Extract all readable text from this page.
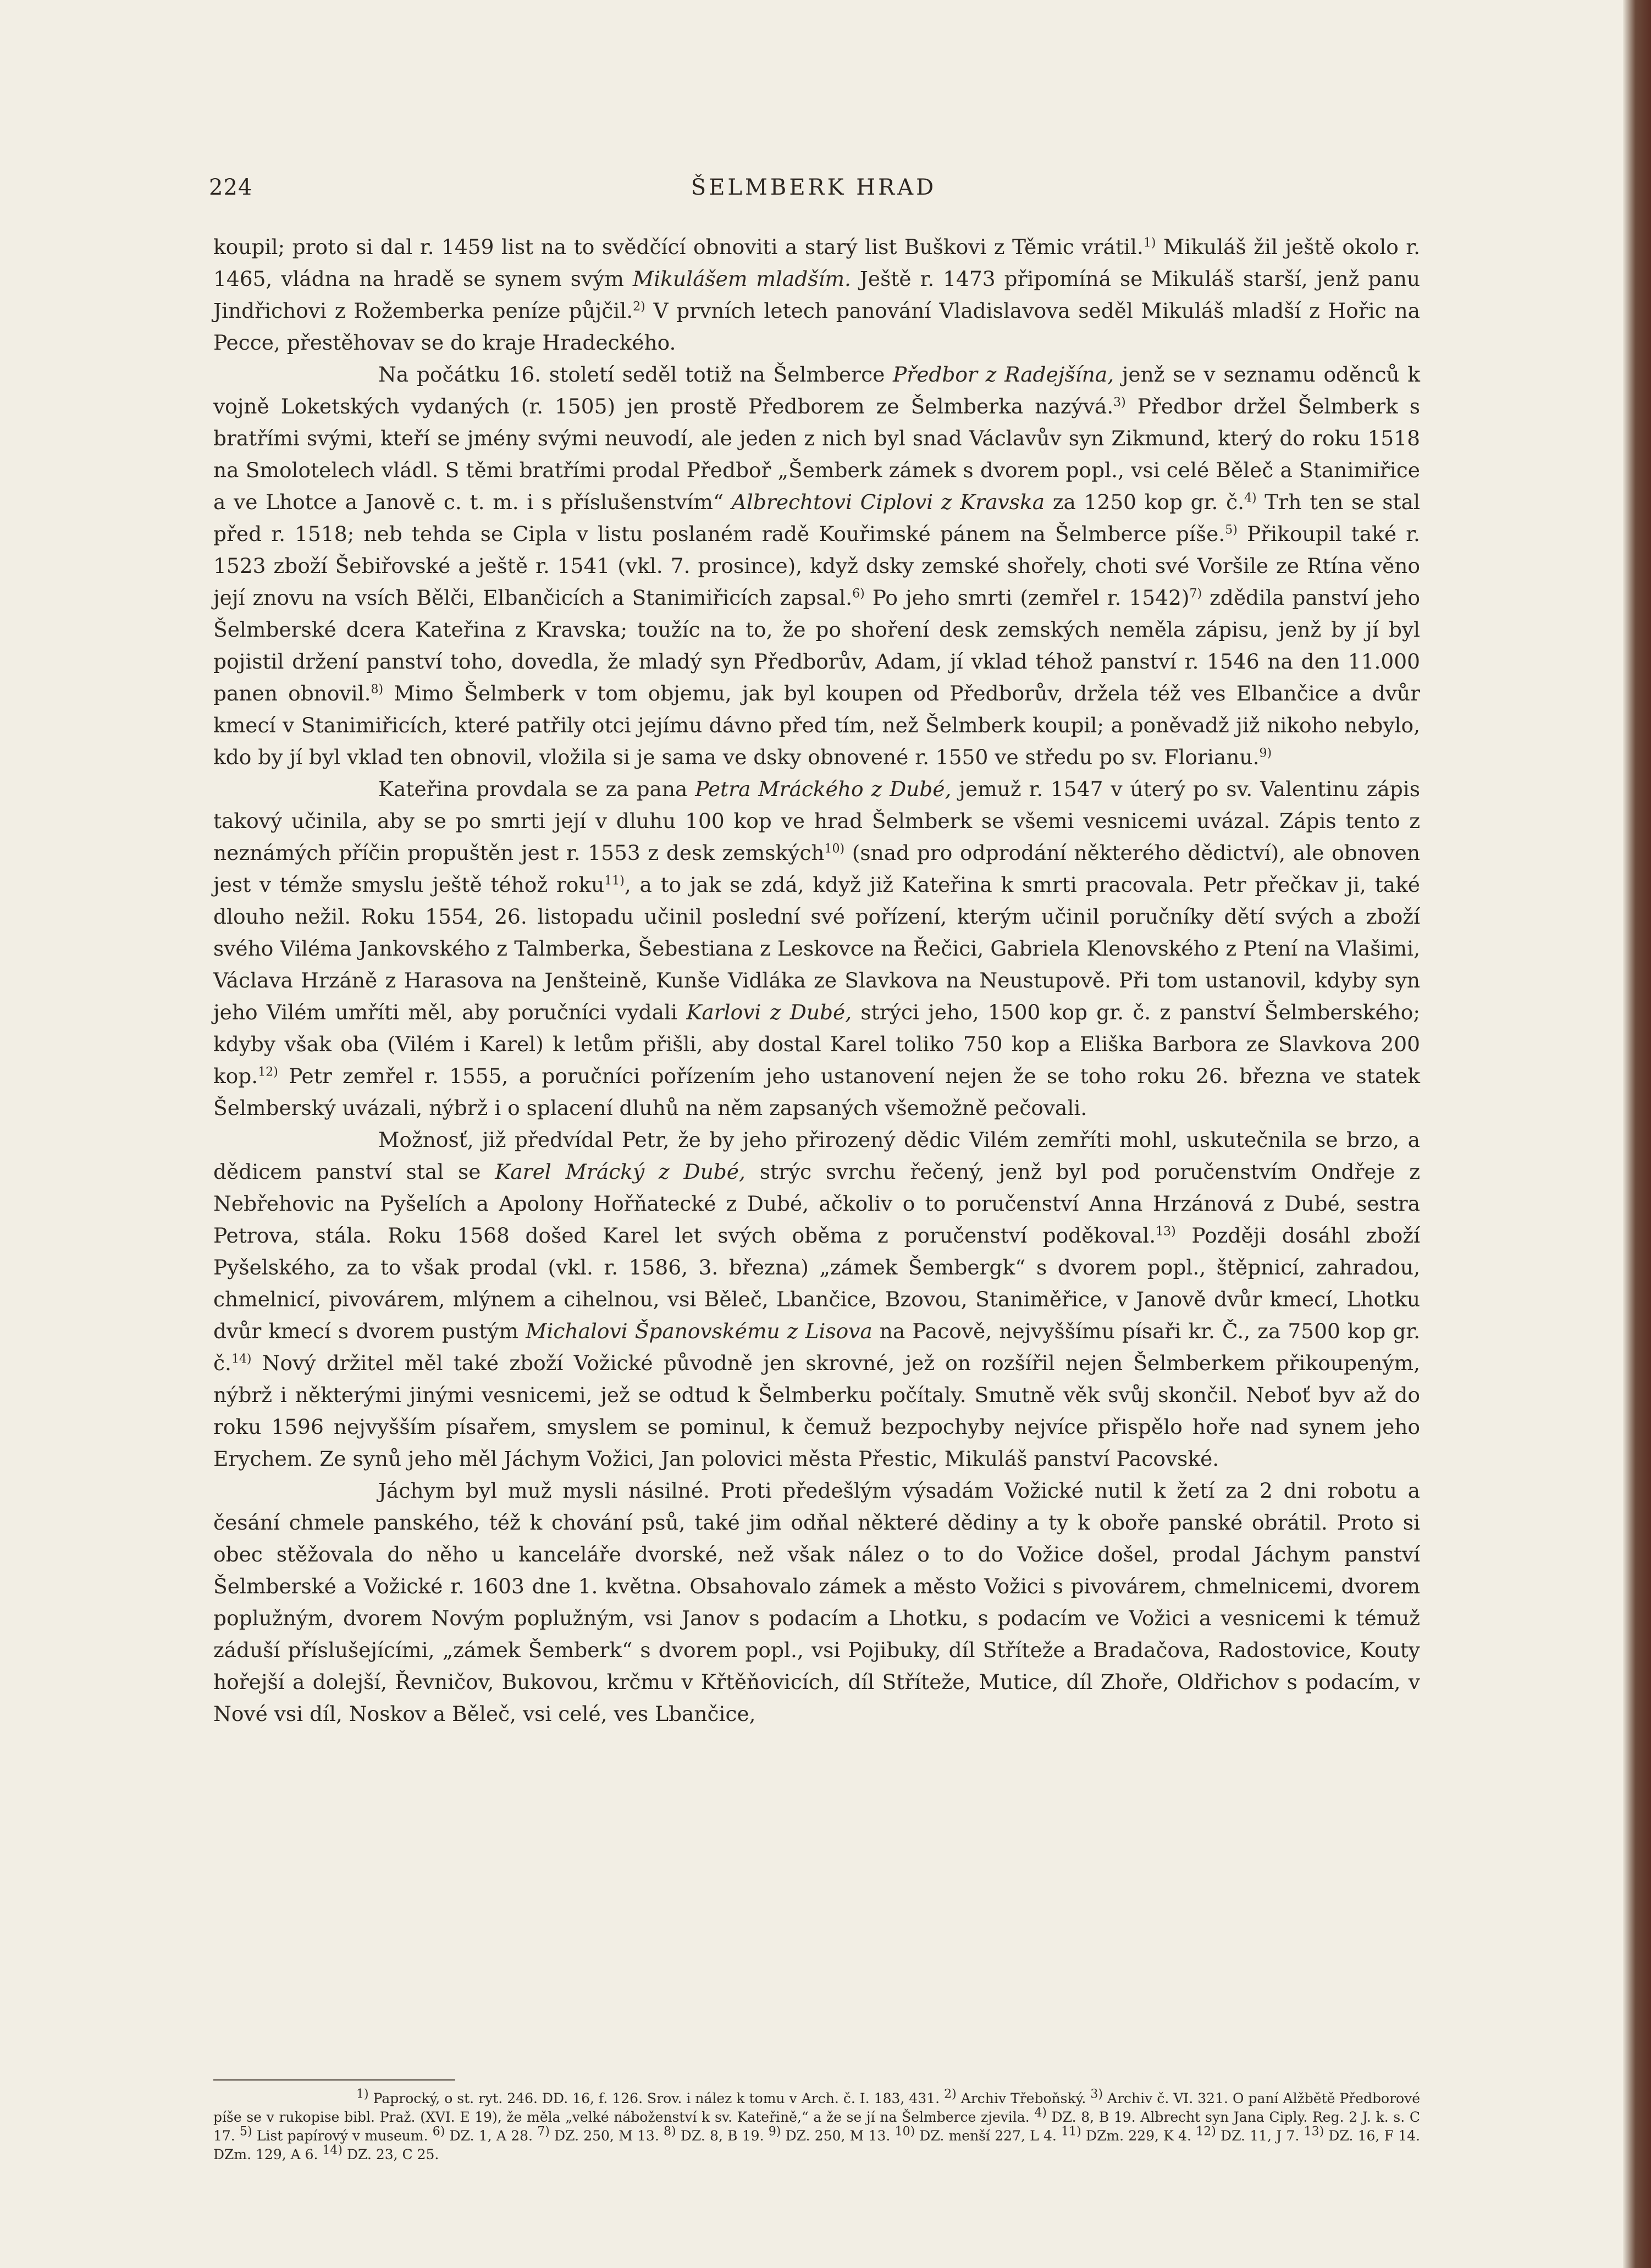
224	ŠELMBERK HRAD

koupil; proto si dal r. 1459 list na to svědčící obnoviti a starý list Buškovi z Těmic vrátil.$^{1)}$ Mikuláš žil ještě okolo r. 1465, vládna na hradě se synem svým Mikulášem mladším. Ještě r. 1473 připomíná se Mikuláš starší, jenž panu Jindřichovi z Rožemberka peníze půjčil.$^{2)}$ V prvních letech panování Vladislavova seděl Mikuláš mladší z Hořic na Pecce, přestěhovav se do kraje Hradeckého.

Na počátku 16. století seděl totiž na Šelmberce Předbor z Radejšína, jenž se v seznamu oděnců k vojně Loketských vydaných (r. 1505) jen prostě Předborem ze Šelmberka nazývá.$^{3)}$ Předbor držel Šelmberk s bratřími svými, kteří se jmény svými neuvodí, ale jeden z nich byl snad Václavův syn Zikmund, který do roku 1518 na Smolotelech vládl. S těmi bratřími prodal Předboř „Šemberk zámek s dvorem popl., vsi celé Běleč a Stanimiřice a ve Lhotce a Janově c. t. m. i s příslušenstvím“ Albrechtovi Ciplovi z Kravska za 1250 kop gr. č.$^{4)}$ Trh ten se stal před r. 1518; neb tehda se Cipla v listu poslaném radě Kouřimské pánem na Šelmberce píše.$^{5)}$ Přikoupil také r. 1523 zboží Šebiřovské a ještě r. 1541 (vkl. 7. prosince), když dsky zemské shořely, choti své Voršile ze Rtína věno její znovu na vsích Bělči, Elbančicích a Stanimiřicích zapsal.$^{6)}$ Po jeho smrti (zemřel r. 1542)$^{7)}$ zdědila panství jeho Šelmberské dcera Kateřina z Kravska; toužíc na to, že po shoření desk zemských neměla zápisu, jenž by jí byl pojistil držení panství toho, dovedla, že mladý syn Předborův, Adam, jí vklad téhož panství r. 1546 na den 11.000 panen obnovil.$^{8)}$ Mimo Šelmberk v tom objemu, jak byl koupen od Předborův, držela též ves Elbančice a dvůr kmecí v Stanimiřicích, které patřily otci jejímu dávno před tím, než Šelmberk koupil; a poněvadž již nikoho nebylo, kdo by jí byl vklad ten obnovil, vložila si je sama ve dsky obnovené r. 1550 ve středu po sv. Florianu.$^{9)}$

Kateřina provdala se za pana Petra Mráckého z Dubé, jemuž r. 1547 v úterý po sv. Valentinu zápis takový učinila, aby se po smrti její v dluhu 100 kop ve hrad Šelmberk se všemi vesnicemi uvázal. Zápis tento z neznámých příčin propuštěn jest r. 1553 z desk zemských$^{10)}$ (snad pro odprodání některého dědictví), ale obnoven jest v témže smyslu ještě téhož roku$^{11)}$, a to jak se zdá, když již Kateřina k smrti pracovala. Petr přečkav ji, také dlouho nežil. Roku 1554, 26. listopadu učinil poslední své pořízení, kterým učinil poručníky dětí svých a zboží svého Viléma Jankovského z Talmberka, Šebestiana z Leskovce na Řečici, Gabriela Klenovského z Ptení na Vlašimi, Václava Hrzáně z Harasova na Jenšteině, Kunše Vidláka ze Slavkova na Neustupově. Při tom ustanovil, kdyby syn jeho Vilém umříti měl, aby poručníci vydali Karlovi z Dubé, strýci jeho, 1500 kop gr. č. z panství Šelmberského; kdyby však oba (Vilém i Karel) k letům přišli, aby dostal Karel toliko 750 kop a Eliška Barbora ze Slavkova 200 kop.$^{12)}$ Petr zemřel r. 1555, a poručníci pořízením jeho ustanovení nejen že se toho roku 26. března ve statek Šelmberský uvázali, nýbrž i o splacení dluhů na něm zapsaných všemožně pečovali.

Možnosť, již předvídal Petr, že by jeho přirozený dědic Vilém zemříti mohl, uskutečnila se brzo, a dědicem panství stal se Karel Mrácký z Dubé, strýc svrchu řečený, jenž byl pod poručenstvím Ondřeje z Nebřehovic na Pyšelích a Apolony Hořňatecké z Dubé, ačkoliv o to poručenství Anna Hrzánová z Dubé, sestra Petrova, stála. Roku 1568 došed Karel let svých oběma z poručenství poděkoval.$^{13)}$ Později dosáhl zboží Pyšelského, za to však prodal (vkl. r. 1586, 3. března) „zámek Šembergk“ s dvorem popl., štěpnicí, zahradou, chmelnicí, pivovárem, mlýnem a cihelnou, vsi Běleč, Lbančice, Bzovou, Staniměřice, v Janově dvůr kmecí, Lhotku dvůr kmecí s dvorem pustým Michalovi Španovskému z Lisova na Pacově, nejvyššímu písaři kr. Č., za 7500 kop gr. č.$^{14)}$ Nový držitel měl také zboží Vožické původně jen skrovné, jež on rozšířil nejen Šelmberkem přikoupeným, nýbrž i některými jinými vesnicemi, jež se odtud k Šelmberku počítaly. Smutně věk svůj skončil. Neboť byv až do roku 1596 nejvyšším písařem, smyslem se pominul, k čemuž bezpochyby nejvíce přispělo hoře nad synem jeho Erychem. Ze synů jeho měl Jáchym Vožici, Jan polovici města Přestic, Mikuláš panství Pacovské.

Jáchym byl muž mysli násilné. Proti předešlým výsadám Vožické nutil k žetí za 2 dni robotu a česání chmele panského, též k chování psů, také jim odňal některé dědiny a ty k oboře panské obrátil. Proto si obec stěžovala do něho u kanceláře dvorské, než však nález o to do Vožice došel, prodal Jáchym panství Šelmberské a Vožické r. 1603 dne 1. května. Obsahovalo zámek a město Vožici s pivovárem, chmelnicemi, dvorem poplužným, dvorem Novým poplužným, vsi Janov s podacím a Lhotku, s podacím ve Vožici a vesnicemi k témuž záduší příslušejícími, „zámek Šemberk“ s dvorem popl., vsi Pojibuky, díl Stříteže a Bradačova, Radostovice, Kouty hořejší a dolejší, Řevničov, Bukovou, krčmu v Křtěňovicích, díl Stříteže, Mutice, díl Zhoře, Oldřichov s podacím, v Nové vsi díl, Noskov a Běleč, vsi celé, ves Lbančice,

$^{1)}$ Paprocký, o st. ryt. 246. DD. 16, f. 126. Srov. i nález k tomu v Arch. č. I. 183, 431. $^{2)}$ Archiv Třeboňský. $^{3)}$ Archiv č. VI. 321. O paní Alžbětě Předborové píše se v rukopise bibl. Praž. (XVI. E 19), že měla „velké náboženství k sv. Kateřině,“ a že se jí na Šelmberce zjevila. $^{4)}$ DZ. 8, B 19. Albrecht syn Jana Ciply. Reg. 2 J. k. s. C 17. $^{5)}$ List papírový v museum. $^{6)}$ DZ. 1, A 28. $^{7)}$ DZ. 250, M 13. $^{8)}$ DZ. 8, B 19. $^{9)}$ DZ. 250, M 13. $^{10)}$ DZ. menší 227, L 4. $^{11)}$ DZm. 229, K 4. $^{12)}$ DZ. 11, J 7. $^{13)}$ DZ. 16, F 14. DZm. 129, A 6. $^{14)}$ DZ. 23, C 25.
